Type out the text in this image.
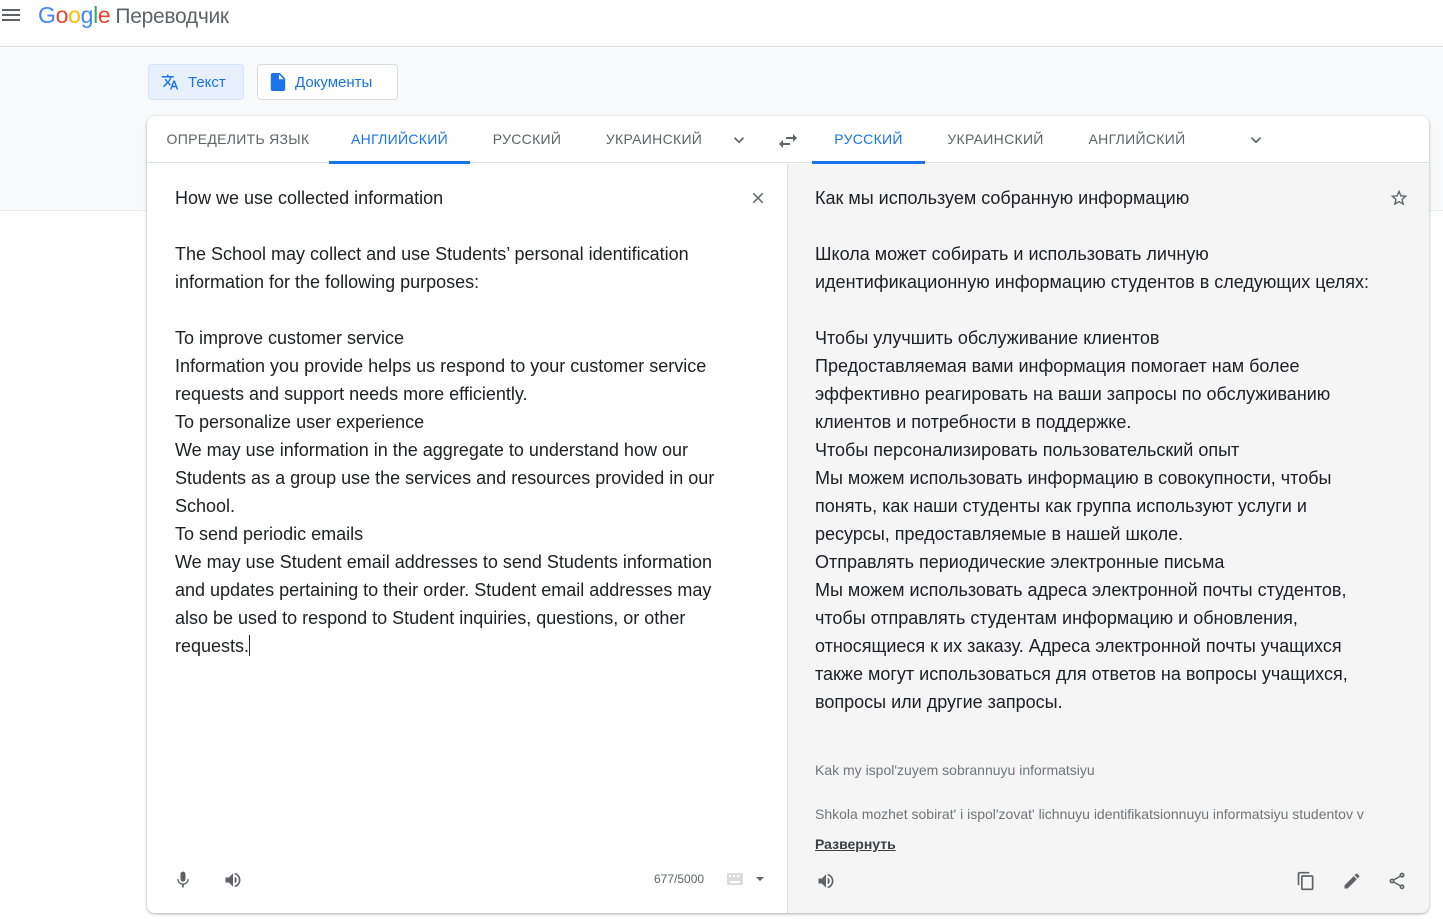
Google Переводчик
Текст	Документы
ОПРЕДЕЛИТЬ ЯЗЫК	АНГЛИЙСКИЙ	РУССКИЙ	УКРАИНСКИЙ	РУССКИЙ	УКРАИНСКИЙ	АНГЛИЙСКИЙ
How we use collected information

The School may collect and use Students’ personal identification information for the following purposes:

To improve customer service
Information you provide helps us respond to your customer service requests and support needs more efficiently.
To personalize user experience
We may use information in the aggregate to understand how our Students as a group use the services and resources provided in our School.
To send periodic emails
We may use Student email addresses to send Students information and updates pertaining to their order. Student email addresses may also be used to respond to Student inquiries, questions, or other requests.
677/5000
Как мы используем собранную информацию

Школа может собирать и использовать личную идентификационную информацию студентов в следующих целях:

Чтобы улучшить обслуживание клиентов
Предоставляемая вами информация помогает нам более эффективно реагировать на ваши запросы по обслуживанию клиентов и потребности в поддержке.
Чтобы персонализировать пользовательский опыт
Мы можем использовать информацию в совокупности, чтобы понять, как наши студенты как группа используют услуги и ресурсы, предоставляемые в нашей школе.
Отправлять периодические электронные письма
Мы можем использовать адреса электронной почты студентов, чтобы отправлять студентам информацию и обновления, относящиеся к их заказу. Адреса электронной почты учащихся также могут использоваться для ответов на вопросы учащихся, вопросы или другие запросы.
Kak my ispol'zuyem sobrannuyu informatsiyu
Shkola mozhet sobirat' i ispol'zovat' lichnuyu identifikatsionnuyu informatsiyu studentov v
Развернуть
